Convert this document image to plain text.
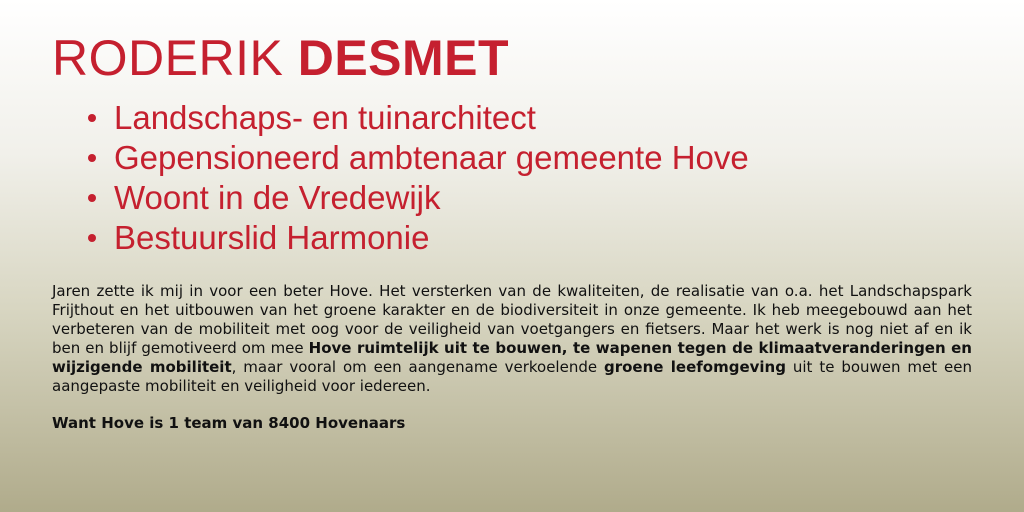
RODERIK DESMET
Landschaps- en tuinarchitect
Gepensioneerd ambtenaar gemeente Hove
Woont in de Vredewijk
Bestuurslid Harmonie

Jaren zette ik mij in voor een beter Hove. Het versterken van de kwaliteiten, de realisatie van o.a. het Landschapspark Frijthout en het uitbouwen van het groene karakter en de biodiversiteit in onze gemeente. Ik heb meegebouwd aan het verbeteren van de mobiliteit met oog voor de veiligheid van voetgangers en fietsers. Maar het werk is nog niet af en ik ben en blijf gemotiveerd om mee Hove ruimtelijk uit te bouwen, te wapenen tegen de klimaatveranderingen en wijzigende mobiliteit, maar vooral om een aangename verkoelende groene leefomgeving uit te bouwen met een aangepaste mobiliteit en veiligheid voor iedereen.

Want Hove is 1 team van 8400 Hovenaars
